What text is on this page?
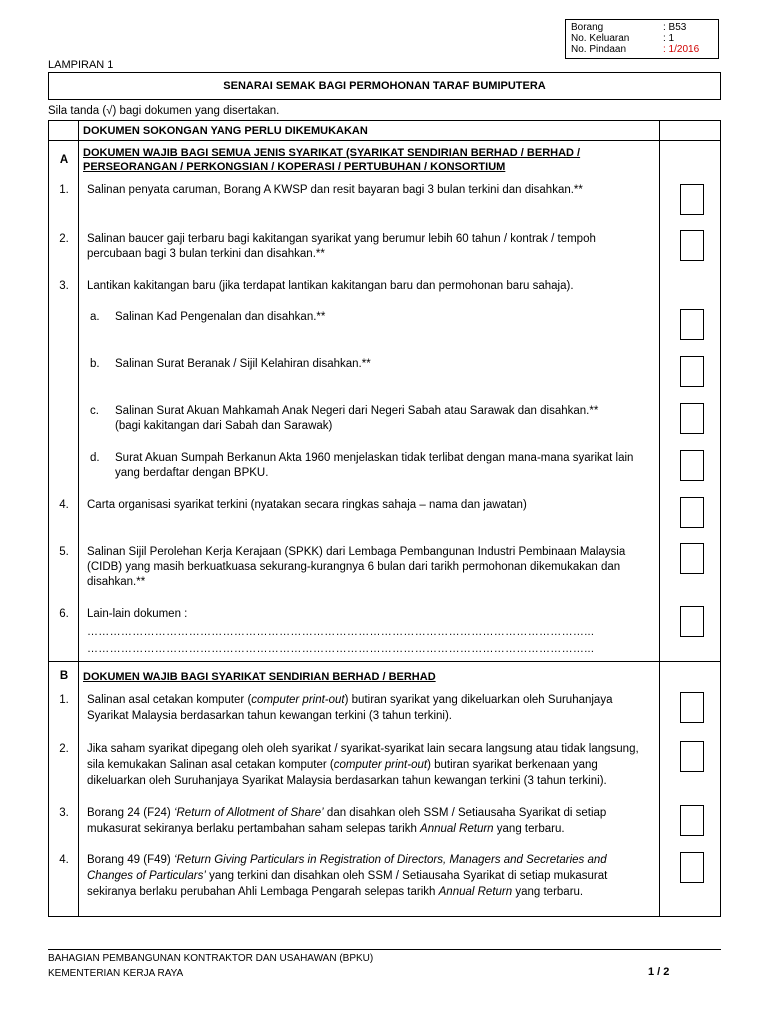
Borang	: B53
No. Keluaran	: 1
No. Pindaan	: 1/2016
LAMPIRAN 1
SENARAI SEMAK BAGI PERMOHONAN TARAF BUMIPUTERA
Sila tanda (√) bagi dokumen yang disertakan.
DOKUMEN SOKONGAN YANG PERLU DIKEMUKAKAN
A
DOKUMEN WAJIB BAGI SEMUA JENIS SYARIKAT (SYARIKAT SENDIRIAN BERHAD / BERHAD /
PERSEORANGAN / PERKONGSIAN / KOPERASI / PERTUBUHAN / KONSORTIUM
1.	Salinan penyata caruman, Borang A KWSP dan resit bayaran bagi 3 bulan terkini dan disahkan.**
2.	Salinan baucer gaji terbaru bagi kakitangan syarikat yang berumur lebih 60 tahun / kontrak / tempoh
percubaan bagi 3 bulan terkini dan disahkan.**
3.	Lantikan kakitangan baru (jika terdapat lantikan kakitangan baru dan permohonan baru sahaja).
a. Salinan Kad Pengenalan dan disahkan.**
b. Salinan Surat Beranak / Sijil Kelahiran disahkan.**
c. Salinan Surat Akuan Mahkamah Anak Negeri dari Negeri Sabah atau Sarawak dan disahkan.**
(bagi kakitangan dari Sabah dan Sarawak)
d. Surat Akuan Sumpah Berkanun Akta 1960 menjelaskan tidak terlibat dengan mana-mana syarikat lain
yang berdaftar dengan BPKU.
4.	Carta organisasi syarikat terkini (nyatakan secara ringkas sahaja – nama dan jawatan)
5.	Salinan Sijil Perolehan Kerja Kerajaan (SPKK) dari Lembaga Pembangunan Industri Pembinaan Malaysia
(CIDB) yang masih berkuatkuasa sekurang-kurangnya 6 bulan dari tarikh permohonan dikemukakan dan
disahkan.**
6.	Lain-lain dokumen :
……………………………………………………………………………………………………………………...
……………………………………………………………………………………………………………………...
B	DOKUMEN WAJIB BAGI SYARIKAT SENDIRIAN BERHAD / BERHAD
1.	Salinan asal cetakan komputer (computer print-out) butiran syarikat yang dikeluarkan oleh Suruhanjaya
Syarikat Malaysia berdasarkan tahun kewangan terkini (3 tahun terkini).
2.	Jika saham syarikat dipegang oleh oleh syarikat / syarikat-syarikat lain secara langsung atau tidak langsung,
sila kemukakan Salinan asal cetakan komputer (computer print-out) butiran syarikat berkenaan yang
dikeluarkan oleh Suruhanjaya Syarikat Malaysia berdasarkan tahun kewangan terkini (3 tahun terkini).
3.	Borang 24 (F24) ‘Return of Allotment of Share’ dan disahkan oleh SSM / Setiausaha Syarikat di setiap
mukasurat sekiranya berlaku pertambahan saham selepas tarikh Annual Return yang terbaru.
4.	Borang 49 (F49) ‘Return Giving Particulars in Registration of Directors, Managers and Secretaries and
Changes of Particulars’ yang terkini dan disahkan oleh SSM / Setiausaha Syarikat di setiap mukasurat
sekiranya berlaku perubahan Ahli Lembaga Pengarah selepas tarikh Annual Return yang terbaru.
BAHAGIAN PEMBANGUNAN KONTRAKTOR DAN USAHAWAN (BPKU)
KEMENTERIAN KERJA RAYA	1 / 2
